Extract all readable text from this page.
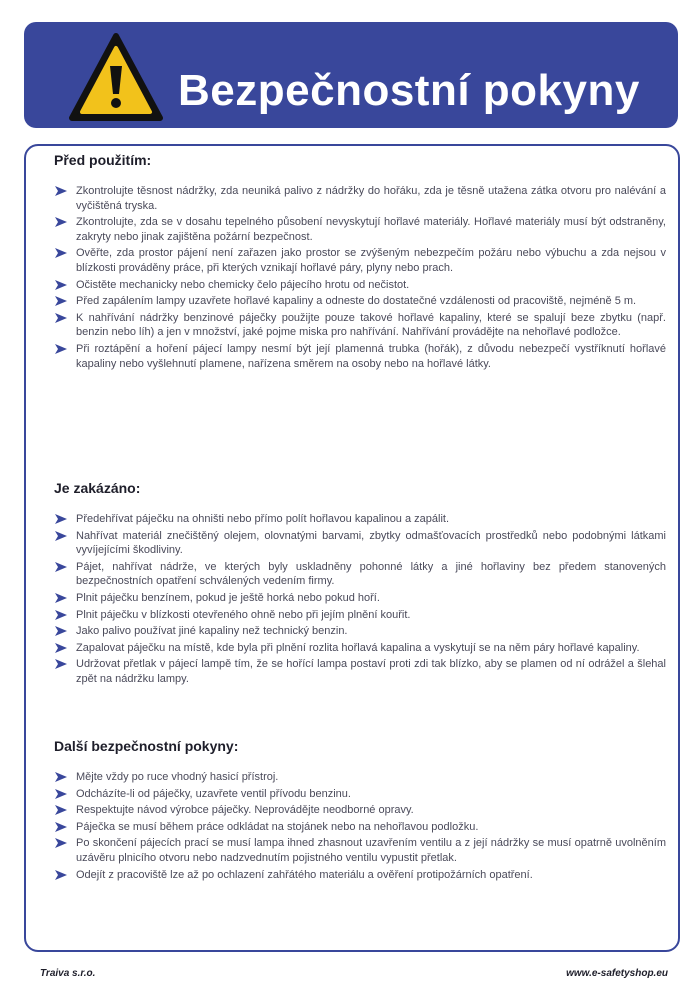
Bezpečnostní pokyny
Před použitím:
Zkontrolujte těsnost nádržky, zda neuniká palivo z nádržky do hořáku, zda je těsně utažena zátka otvoru pro nalévání a vyčištěná tryska.
Zkontrolujte, zda se v dosahu tepelného působení nevyskytují hořlavé materiály. Hořlavé materiály musí být odstraněny, zakryty nebo jinak zajištěna požární bezpečnost.
Ověřte, zda prostor pájení není zařazen jako prostor se zvýšeným nebezpečím požáru nebo výbuchu a zda nejsou v blízkosti prováděny práce, při kterých vznikají hořlavé páry, plyny nebo prach.
Očistěte mechanicky nebo chemicky čelo pájecího hrotu od nečistot.
Před zapálením lampy uzavřete hořlavé kapaliny a odneste do dostatečné vzdálenosti od pracoviště, nejméně 5 m.
K nahřívání nádržky benzinové páječky použijte pouze takové hořlavé kapaliny, které se spalují beze zbytku (např. benzin nebo líh) a jen v množství, jaké pojme miska pro nahřívání. Nahřívání provádějte na nehořlavé podložce.
Při roztápění a hoření pájecí lampy nesmí být její plamenná trubka (hořák), z důvodu nebezpečí vystříknutí hořlavé kapaliny nebo vyšlehnutí plamene, nařízena směrem na osoby nebo na hořlavé látky.
Je zakázáno:
Předehřívat páječku na ohništi nebo přímo polít hořlavou kapalinou a zapálit.
Nahřívat materiál znečištěný olejem, olovnatými barvami, zbytky odmašťovacích prostředků nebo podobnými látkami vyvíjejícími škodliviny.
Pájet, nahřívat nádrže, ve kterých byly uskladněny pohonné látky a jiné hořlaviny bez předem stanovených bezpečnostních opatření schválených vedením firmy.
Plnit páječku benzínem, pokud je ještě horká nebo pokud hoří.
Plnit páječku v blízkosti otevřeného ohně nebo při jejím plnění kouřit.
Jako palivo používat jiné kapaliny než technický benzin.
Zapalovat páječku na místě, kde byla při plnění rozlita hořlavá kapalina a vyskytují se na něm páry hořlavé kapaliny.
Udržovat přetlak v pájecí lampě tím, že se hořící lampa postaví proti zdi tak blízko, aby se plamen od ní odrážel a šlehal zpět na nádržku lampy.
Další bezpečnostní pokyny:
Mějte vždy po ruce vhodný hasicí přístroj.
Odcházíte-li od páječky, uzavřete ventil přívodu benzinu.
Respektujte návod výrobce páječky. Neprovádějte neodborné opravy.
Páječka se musí během práce odkládat na stojánek nebo na nehořlavou podložku.
Po skončení pájecích prací se musí lampa ihned zhasnout uzavřením ventilu a z její nádržky se musí opatrně uvolněním uzávěru plnicího otvoru nebo nadzvednutím pojistného ventilu vypustit přetlak.
Odejít z pracoviště lze až po ochlazení zahřátého materiálu a ověření protipožárních opatření.
Traiva s.r.o.	www.e-safetyshop.eu
